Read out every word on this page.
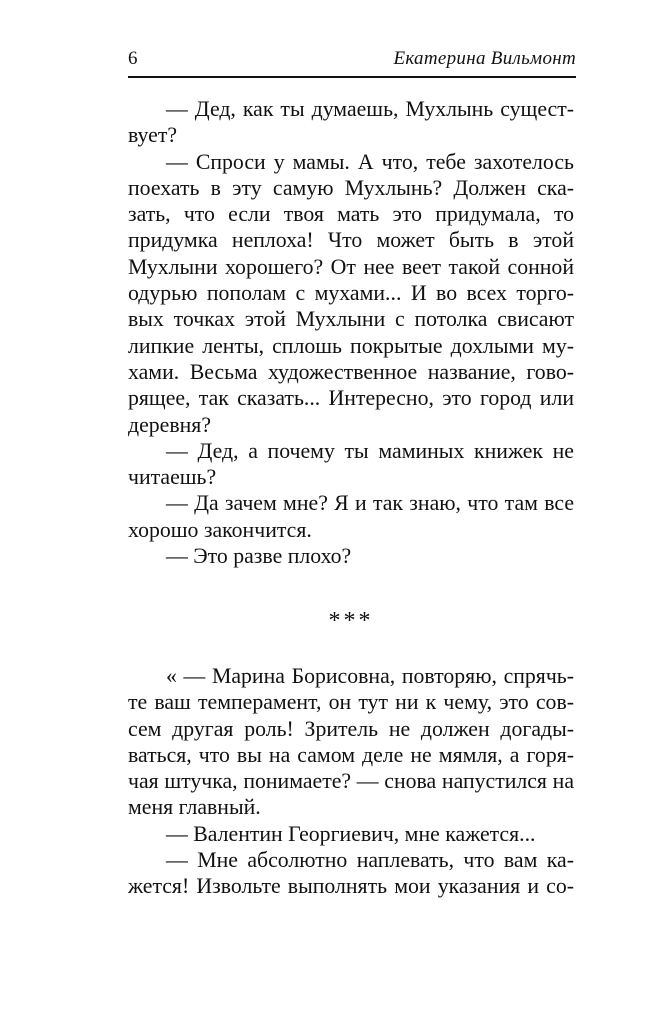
6	Екатерина Вильмонт
— Дед, как ты думаешь, Мухлынь сущест-
вует?
— Спроси у мамы. А что, тебе захотелось
поехать в эту самую Мухлынь? Должен ска-
зать, что если твоя мать это придумала, то
придумка неплоха! Что может быть в этой
Мухлыни хорошего? От нее веет такой сонной
одурью пополам с мухами... И во всех торго-
вых точках этой Мухлыни с потолка свисают
липкие ленты, сплошь покрытые дохлыми му-
хами. Весьма художественное название, гово-
рящее, так сказать... Интересно, это город или
деревня?
— Дед, а почему ты маминых книжек не
читаешь?
— Да зачем мне? Я и так знаю, что там все
хорошо закончится.
— Это разве плохо?
***
« — Марина Борисовна, повторяю, спрячь-
те ваш темперамент, он тут ни к чему, это сов-
сем другая роль! Зритель не должен догады-
ваться, что вы на самом деле не мямля, а горя-
чая штучка, понимаете? — снова напустился на
меня главный.
— Валентин Георгиевич, мне кажется...
— Мне абсолютно наплевать, что вам ка-
жется! Извольте выполнять мои указания и со-
